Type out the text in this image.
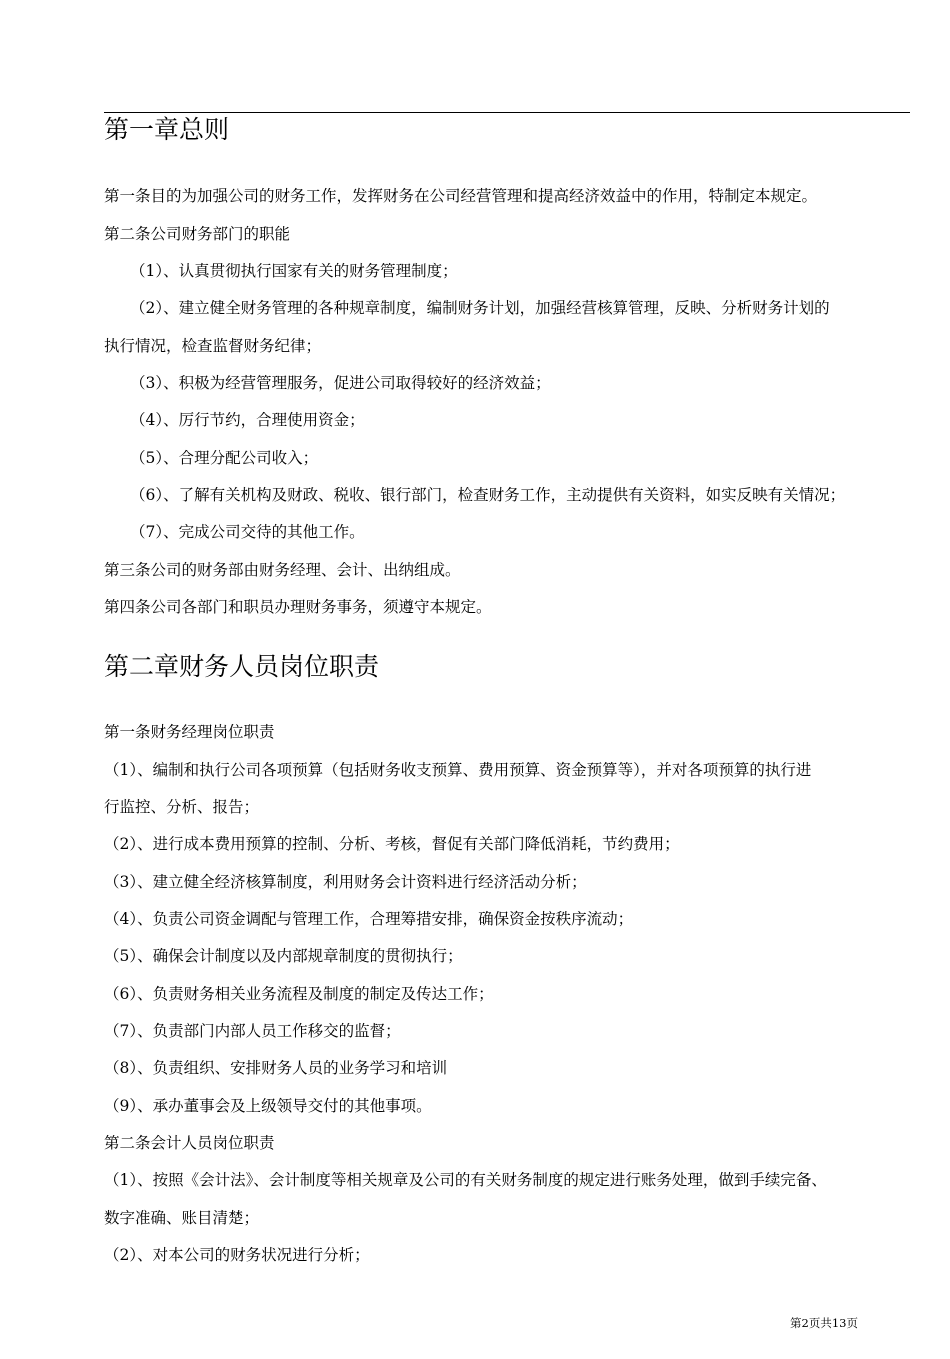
第一章总则
第一条目的为加强公司的财务工作，发挥财务在公司经营管理和提高经济效益中的作用，特制定本规定。
第二条公司财务部门的职能
（1）、认真贯彻执行国家有关的财务管理制度；
（2）、建立健全财务管理的各种规章制度，编制财务计划，加强经营核算管理，反映、分析财务计划的
执行情况，检查监督财务纪律；
（3）、积极为经营管理服务，促进公司取得较好的经济效益；
（4）、厉行节约，合理使用资金；
（5）、合理分配公司收入；
（6）、了解有关机构及财政、税收、银行部门，检查财务工作，主动提供有关资料，如实反映有关情况；
（7）、完成公司交待的其他工作。
第三条公司的财务部由财务经理、会计、出纳组成。
第四条公司各部门和职员办理财务事务，须遵守本规定。
第二章财务人员岗位职责
第一条财务经理岗位职责
（1）、编制和执行公司各项预算（包括财务收支预算、费用预算、资金预算等），并对各项预算的执行进
行监控、分析、报告；
（2）、进行成本费用预算的控制、分析、考核，督促有关部门降低消耗，节约费用；
（3）、建立健全经济核算制度，利用财务会计资料进行经济活动分析；
（4）、负责公司资金调配与管理工作，合理筹措安排，确保资金按秩序流动；
（5）、确保会计制度以及内部规章制度的贯彻执行；
（6）、负责财务相关业务流程及制度的制定及传达工作；
（7）、负责部门内部人员工作移交的监督；
（8）、负责组织、安排财务人员的业务学习和培训
（9）、承办董事会及上级领导交付的其他事项。
第二条会计人员岗位职责
（1）、按照《会计法》、会计制度等相关规章及公司的有关财务制度的规定进行账务处理，做到手续完备、
数字准确、账目清楚；
（2）、对本公司的财务状况进行分析；
第2页共13页
